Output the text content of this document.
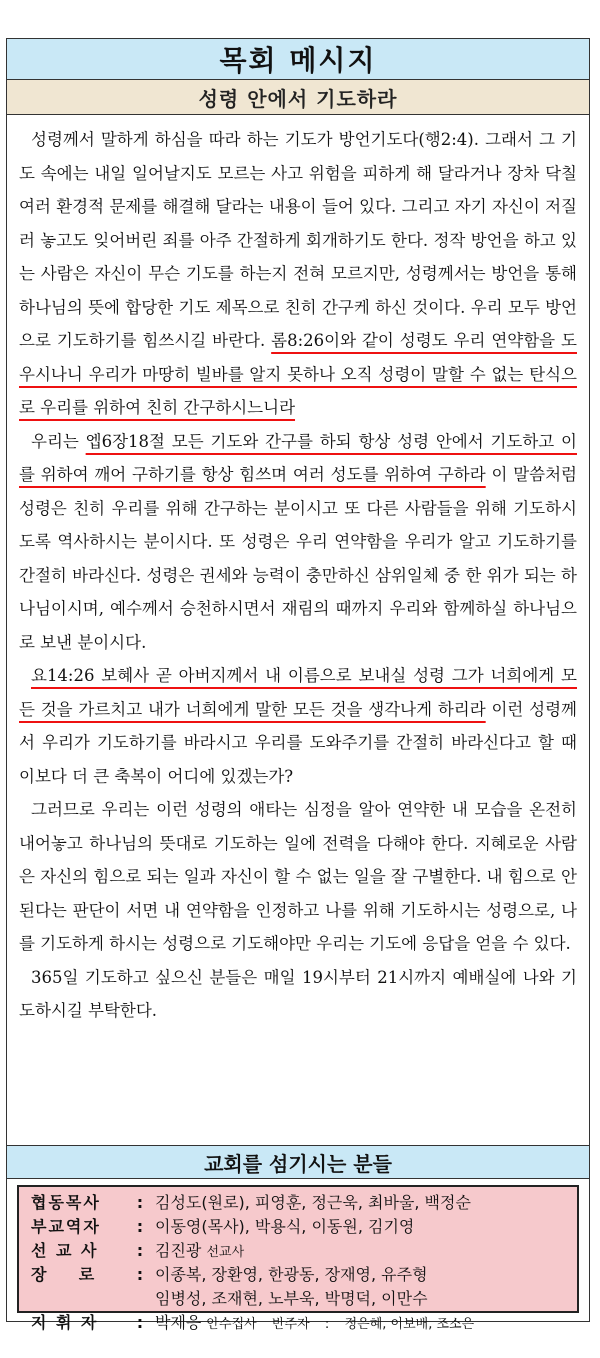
목회 메시지
성령 안에서 기도하라

성령께서 말하게 하심을 따라 하는 기도가 방언기도다(행2:4). 그래서 그 기도 속에는 내일 일어날지도 모르는 사고 위험을 피하게 해 달라거나 장차 닥칠 여러 환경적 문제를 해결해 달라는 내용이 들어 있다. 그리고 자기 자신이 저질러 놓고도 잊어버린 죄를 아주 간절하게 회개하기도 한다. 정작 방언을 하고 있는 사람은 자신이 무슨 기도를 하는지 전혀 모르지만, 성령께서는 방언을 통해 하나님의 뜻에 합당한 기도 제목으로 친히 간구케 하신 것이다. 우리 모두 방언으로 기도하기를 힘쓰시길 바란다. 롬8:26이와 같이 성령도 우리 연약함을 도우시나니 우리가 마땅히 빌바를 알지 못하나 오직 성령이 말할 수 없는 탄식으로 우리를 위하여 친히 간구하시느니라

우리는 엡6장18절 모든 기도와 간구를 하되 항상 성령 안에서 기도하고 이를 위하여 깨어 구하기를 항상 힘쓰며 여러 성도를 위하여 구하라 이 말씀처럼 성령은 친히 우리를 위해 간구하는 분이시고 또 다른 사람들을 위해 기도하시도록 역사하시는 분이시다. 또 성령은 우리 연약함을 우리가 알고 기도하기를 간절히 바라신다. 성령은 권세와 능력이 충만하신 삼위일체 중 한 위가 되는 하나님이시며, 예수께서 승천하시면서 재림의 때까지 우리와 함께하실 하나님으로 보낸 분이시다.

요14:26 보혜사 곧 아버지께서 내 이름으로 보내실 성령 그가 너희에게 모든 것을 가르치고 내가 너희에게 말한 모든 것을 생각나게 하리라 이런 성령께서 우리가 기도하기를 바라시고 우리를 도와주기를 간절히 바라신다고 할 때 이보다 더 큰 축복이 어디에 있겠는가?

그러므로 우리는 이런 성령의 애타는 심정을 알아 연약한 내 모습을 온전히 내어놓고 하나님의 뜻대로 기도하는 일에 전력을 다해야 한다. 지혜로운 사람은 자신의 힘으로 되는 일과 자신이 할 수 없는 일을 잘 구별한다. 내 힘으로 안 된다는 판단이 서면 내 연약함을 인정하고 나를 위해 기도하시는 성령으로, 나를 기도하게 하시는 성령으로 기도해야만 우리는 기도에 응답을 얻을 수 있다.

365일 기도하고 싶으신 분들은 매일 19시부터 21시까지 예배실에 나와 기도하시길 부탁한다.

교회를 섬기시는 분들
협동목사	: 김성도(원로), 피영훈, 정근욱, 최바울, 백정순
부교역자	: 이동영(목사), 박용식, 이동원, 김기영
선 교 사	: 김진광 선교사
장    로	: 이종복, 장환영, 한광동, 장재영, 유주형
임병성, 조재현, 노부욱, 박명덕, 이만수
지 휘 자	: 박제응 안수집사 반주자 : 정은혜, 이보배, 조소은
